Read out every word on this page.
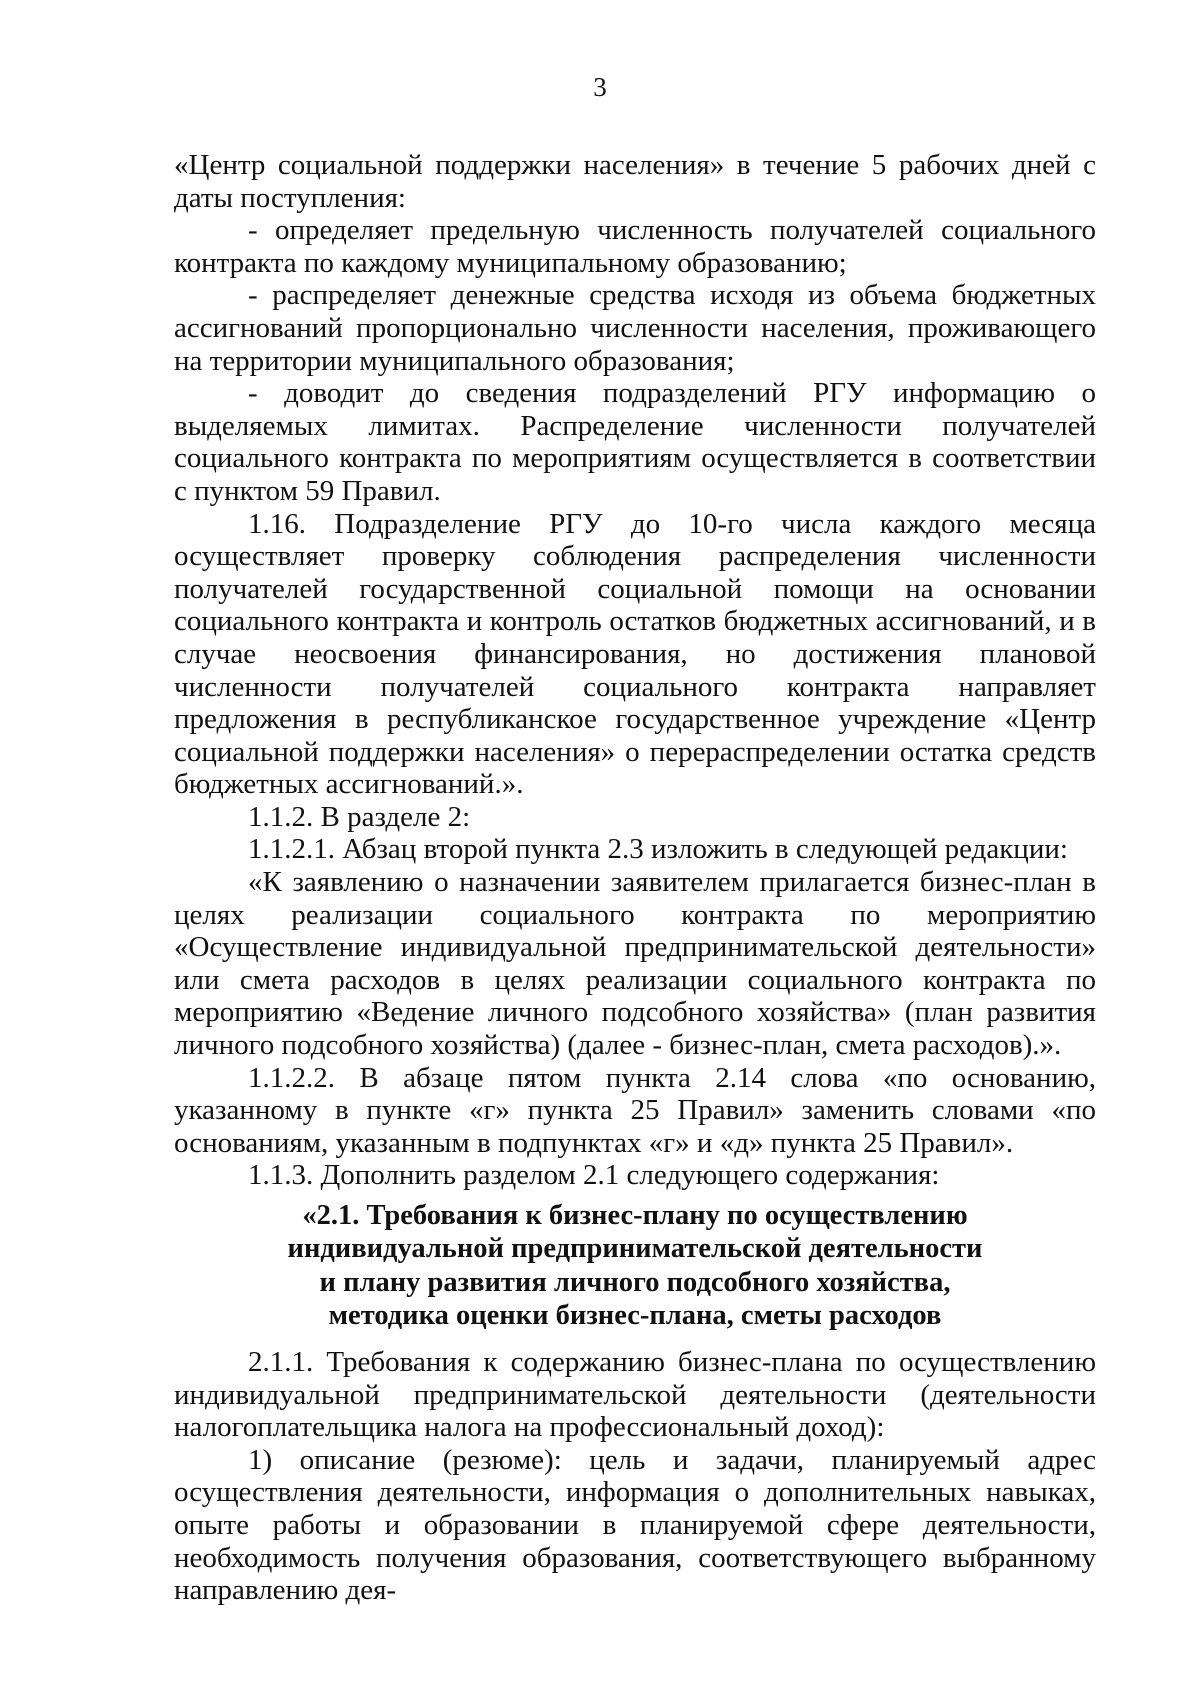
3

«Центр социальной поддержки населения» в течение 5 рабочих дней с даты поступления:

- определяет предельную численность получателей социального контракта по каждому муниципальному образованию;

- распределяет денежные средства исходя из объема бюджетных ассигнований пропорционально численности населения, проживающего на территории муниципального образования;

- доводит до сведения подразделений РГУ информацию о выделяемых лимитах. Распределение численности получателей социального контракта по мероприятиям осуществляется в соответствии с пунктом 59 Правил.

1.16. Подразделение РГУ до 10-го числа каждого месяца осуществляет проверку соблюдения распределения численности получателей государственной социальной помощи на основании социального контракта и контроль остатков бюджетных ассигнований, и в случае неосвоения финансирования, но достижения плановой численности получателей социального контракта направляет предложения в республиканское государственное учреждение «Центр социальной поддержки населения» о перераспределении остатка средств бюджетных ассигнований.».

1.1.2. В разделе 2:

1.1.2.1. Абзац второй пункта 2.3 изложить в следующей редакции:

«К заявлению о назначении заявителем прилагается бизнес-план в целях реализации социального контракта по мероприятию «Осуществление индивидуальной предпринимательской деятельности» или смета расходов в целях реализации социального контракта по мероприятию «Ведение личного подсобного хозяйства» (план развития личного подсобного хозяйства) (далее - бизнес-план, смета расходов).».

1.1.2.2. В абзаце пятом пункта 2.14 слова «по основанию, указанному в пункте «г» пункта 25 Правил» заменить словами «по основаниям, указанным в подпунктах «г» и «д» пункта 25 Правил».

1.1.3. Дополнить разделом 2.1 следующего содержания:

«2.1. Требования к бизнес-плану по осуществлению
индивидуальной предпринимательской деятельности
и плану развития личного подсобного хозяйства,
методика оценки бизнес-плана, сметы расходов

2.1.1. Требования к содержанию бизнес-плана по осуществлению индивидуальной предпринимательской деятельности (деятельности налогоплательщика налога на профессиональный доход):

1) описание (резюме): цель и задачи, планируемый адрес осуществления деятельности, информация о дополнительных навыках, опыте работы и образовании в планируемой сфере деятельности, необходимость получения образования, соответствующего выбранному направлению дея-
